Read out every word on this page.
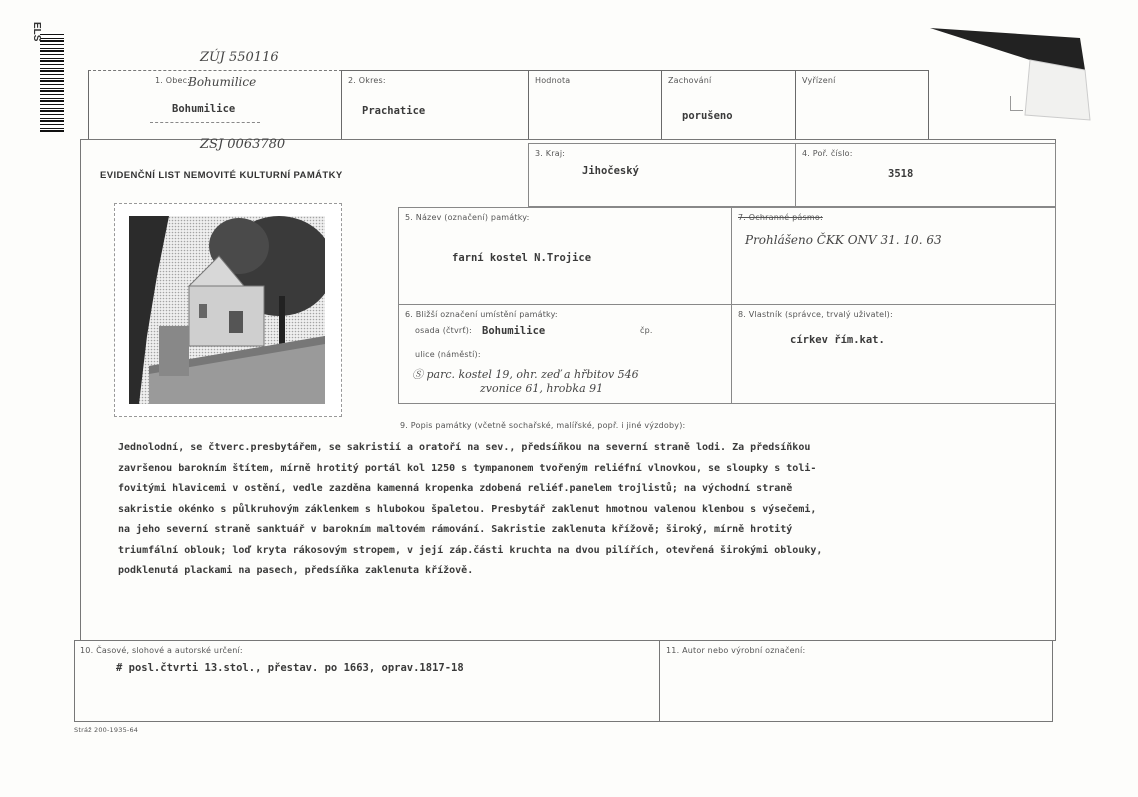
ELS
ZÚJ 550116
1. Obec:
Bohumilice
Bohumilice
2. Okres:
Prachatice
Hodnota	Zachování
porušeno
Vyřízení
ZSJ 0063780
EVIDENČNÍ LIST NEMOVITÉ KULTURNÍ PAMÁTKY
3. Kraj:
Jihočeský
4. Poř. číslo:
3518
5. Název (označení) památky:
farní kostel N.Trojice
7. Ochranné pásmo:
Prohlášeno ČKK ONV 31. 10. 63
6. Bližší označení umístění památky:
osada (čtvrť): Bohumilice	čp.
ulice (náměstí):
Ⓢ parc. kostel 19, ohr. zeď a hřbitov 546
zvonice 61, hrobka 91
8. Vlastník (správce, trvalý uživatel):
církev řím.kat.
9. Popis památky (včetně sochařské, malířské, popř. i jiné výzdoby):
Jednolodní, se čtverc.presbytářem, se sakristií a oratoří na sev., předsíňkou na severní straně lodi. Za předsíňkou
završenou barokním štítem, mírně hrotitý portál kol 1250 s tympanonem tvořeným reliéfní vlnovkou, se sloupky s toli-
fovitými hlavicemi v ostění, vedle zazděna kamenná kropenka zdobená reliéf.panelem trojlistů; na východní straně
sakristie okénko s půlkruhovým záklenkem s hlubokou špaletou. Presbytář zaklenut hmotnou valenou klenbou s výsečemi,
na jeho severní straně sanktuář v barokním maltovém rámování. Sakristie zaklenuta křížově; široký, mírně hrotitý
triumfální oblouk; loď kryta rákosovým stropem, v její záp.části kruchta na dvou pilířích, otevřená širokými oblouky,
podklenutá plackami na pasech, předsíňka zaklenuta křížově.
10. Časové, slohové a autorské určení:
# posl.čtvrti 13.stol., přestav. po 1663, oprav.1817-18
11. Autor nebo výrobní označení:
Stráž 200-1935-64
